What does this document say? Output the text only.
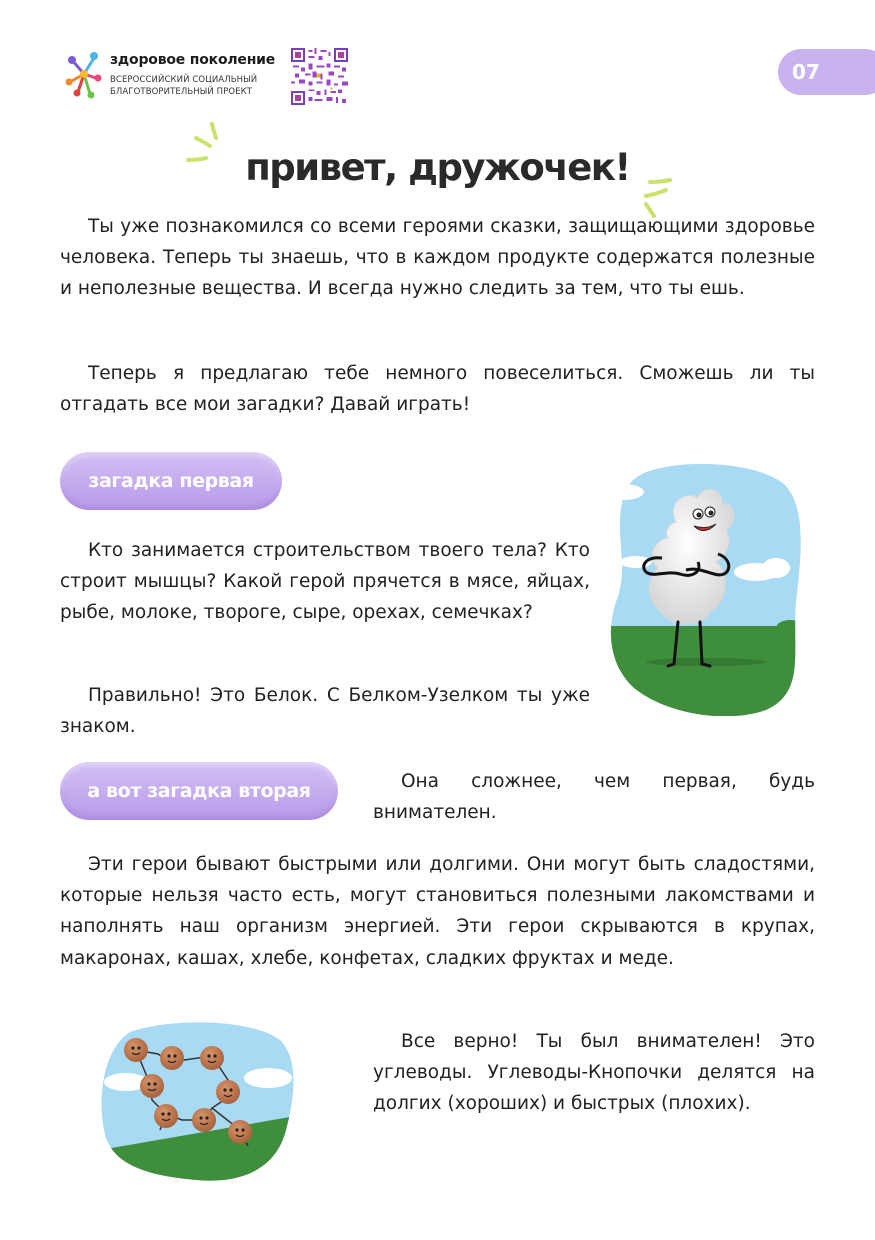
здоровое поколение
ВСЕРОССИЙСКИЙ СОЦИАЛЬНЫЙ
БЛАГОТВОРИТЕЛЬНЫЙ ПРОЕКТ
07
привет, дружочек!

Ты уже познакомился со всеми героями сказки, защищающими здоровье человека. Теперь ты знаешь, что в каждом продукте содержатся полезные и неполезные вещества. И всегда нужно следить за тем, что ты ешь.

Теперь я предлагаю тебе немного повеселиться. Сможешь ли ты отгадать все мои загадки? Давай играть!

загадка первая

Кто занимается строительством твоего тела? Кто строит мышцы? Какой герой прячется в мясе, яйцах, рыбе, молоке, твороге, сыре, орехах, семечках?

Правильно! Это Белок. С Белком-Узелком ты уже знаком.

а вот загадка вторая	Она сложнее, чем первая, будь внимателен.

Эти герои бывают быстрыми или долгими. Они могут быть сладостями, которые нельзя часто есть, могут становиться полезными лакомствами и наполнять наш организм энергией. Эти герои скрываются в крупах, макаронах, кашах, хлебе, конфетах, сладких фруктах и меде.

Все верно! Ты был внимателен! Это углеводы. Углеводы-Кнопочки делятся на долгих (хороших) и быстрых (плохих).
